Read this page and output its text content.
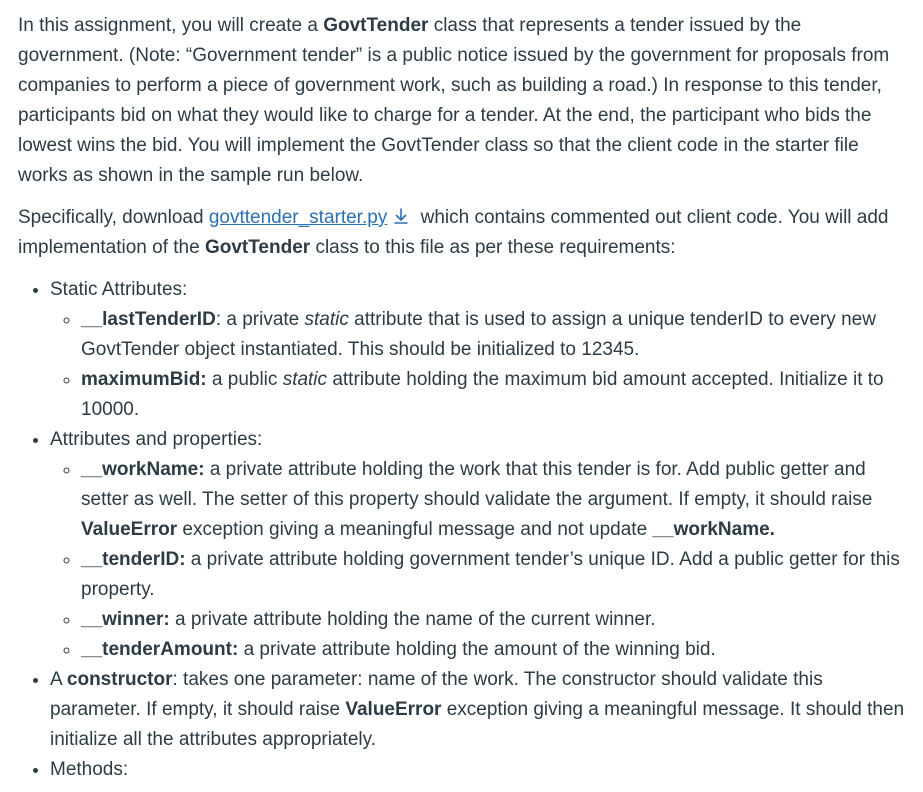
In this assignment, you will create a GovtTender class that represents a tender issued by the government. (Note: “Government tender” is a public notice issued by the government for proposals from companies to perform a piece of government work, such as building a road.) In response to this tender, participants bid on what they would like to charge for a tender. At the end, the participant who bids the lowest wins the bid. You will implement the GovtTender class so that the client code in the starter file works as shown in the sample run below.

Specifically, download govttender_starter.py which contains commented out client code. You will add implementation of the GovtTender class to this file as per these requirements:

• Static Attributes:
◦ __lastTenderID: a private static attribute that is used to assign a unique tenderID to every new GovtTender object instantiated. This should be initialized to 12345.
◦ maximumBid: a public static attribute holding the maximum bid amount accepted. Initialize it to 10000.
• Attributes and properties:
◦ __workName: a private attribute holding the work that this tender is for. Add public getter and setter as well. The setter of this property should validate the argument. If empty, it should raise ValueError exception giving a meaningful message and not update __workName.
◦ __tenderID: a private attribute holding government tender’s unique ID. Add a public getter for this property.
◦ __winner: a private attribute holding the name of the current winner.
◦ __tenderAmount: a private attribute holding the amount of the winning bid.
• A constructor: takes one parameter: name of the work. The constructor should validate this parameter. If empty, it should raise ValueError exception giving a meaningful message. It should then initialize all the attributes appropriately.
• Methods:
